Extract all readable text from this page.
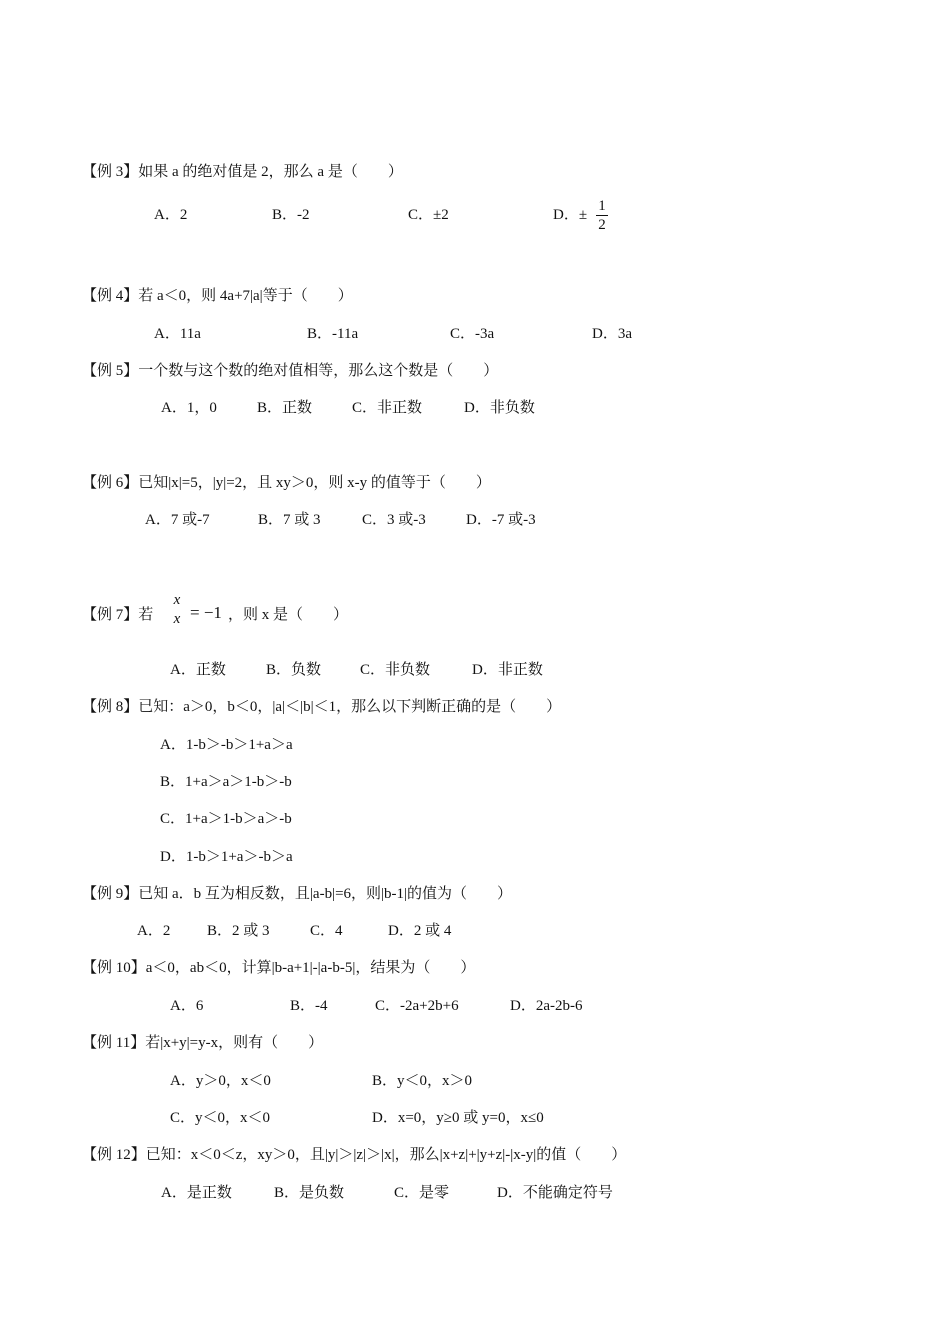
【例 3】如果 a 的绝对值是 2，那么 a 是（　　）
A．2	B．-2	C．±2	D．±
1
2
【例 4】若 a＜0，则 4a+7|a|等于（　　）
A．11a	B．-11a	C．-3a	D．3a
【例 5】一个数与这个数的绝对值相等，那么这个数是（　　）
A．1，0	B．正数	C．非正数	D．非负数
【例 6】已知|x|=5，|y|=2，且 xy＞0，则 x-y 的值等于（　　）
A．7 或-7	B．7 或 3	C．3 或-3	D．-7 或-3
【例 7】若
x
x = −1 ，则 x 是（　　）
A．正数	B．负数	C．非负数	D．非正数
【例 8】已知：a＞0，b＜0，|a|＜|b|＜1，那么以下判断正确的是（　　）
A．1-b＞-b＞1+a＞a
B．1+a＞a＞1-b＞-b
C．1+a＞1-b＞a＞-b
D．1-b＞1+a＞-b＞a
【例 9】已知 a．b 互为相反数，且|a-b|=6，则|b-1|的值为（　　）
A．2 B．2 或 3	C．4	D．2 或 4
【例 10】a＜0，ab＜0，计算|b-a+1|-|a-b-5|，结果为（　　）
A．6	B．-4	C．-2a+2b+6	D．2a-2b-6
【例 11】若|x+y|=y-x，则有（　　）
A．y＞0，x＜0	B．y＜0，x＞0
C．y＜0，x＜0	D．x=0，y≥0 或 y=0，x≤0
【例 12】已知：x＜0＜z，xy＞0，且|y|＞|z|＞|x|，那么|x+z|+|y+z|-|x-y|的值（　　）
A．是正数	B．是负数	C．是零	D．不能确定符号
